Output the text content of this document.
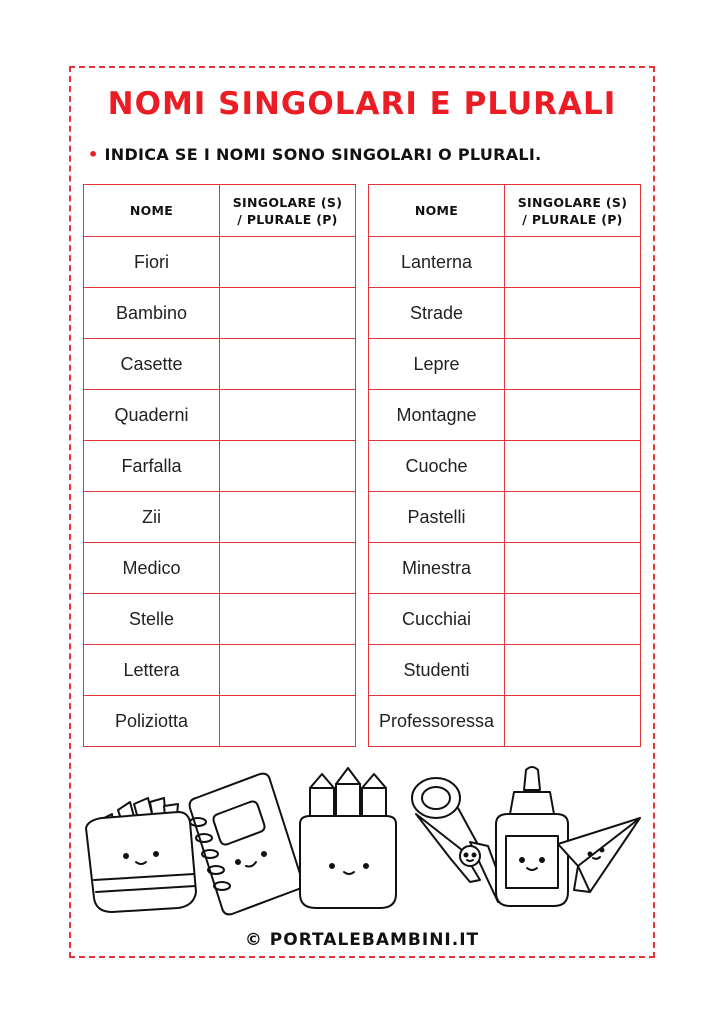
NOMI SINGOLARI E PLURALI
• INDICA SE I NOMI SONO SINGOLARI O PLURALI.
NOME	SINGOLARE (S)
/ PLURALE (P)

Fiori	
Bambino	
Casette	
Quaderni	
Farfalla	
Zii	
Medico	
Stelle	
Lettera	
Poliziotta	
NOME	SINGOLARE (S)
/ PLURALE (P)

Lanterna	
Strade	
Lepre	
Montagne	
Cuoche	
Pastelli	
Minestra	
Cucchiai	
Studenti	
Professoressa	
© PORTALEBAMBINI.IT
